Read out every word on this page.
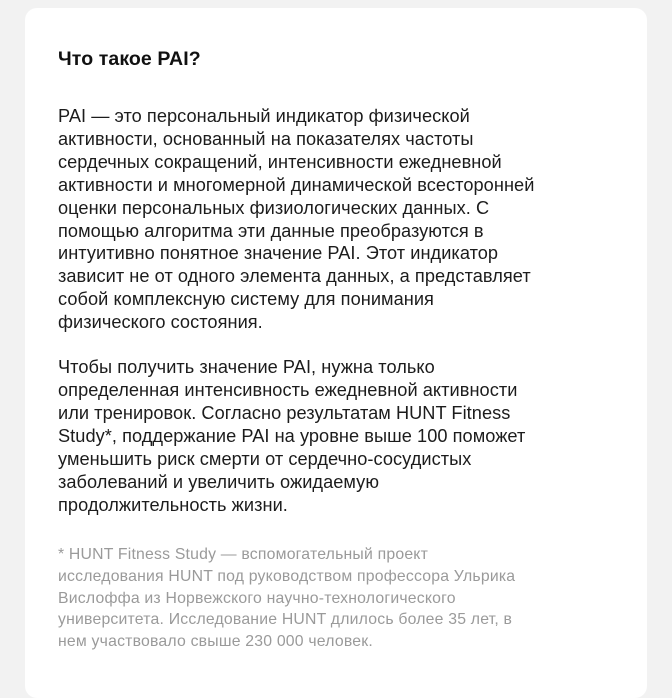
Что такое PAI?

PAI — это персональный индикатор физической
активности, основанный на показателях частоты
сердечных сокращений, интенсивности ежедневной
активности и многомерной динамической всесторонней
оценки персональных физиологических данных. С
помощью алгоритма эти данные преобразуются в
интуитивно понятное значение PAI. Этот индикатор
зависит не от одного элемента данных, а представляет
собой комплексную систему для понимания
физического состояния.

Чтобы получить значение PAI, нужна только
определенная интенсивность ежедневной активности
или тренировок. Согласно результатам HUNT Fitness
Study*, поддержание PAI на уровне выше 100 поможет
уменьшить риск смерти от сердечно-сосудистых
заболеваний и увеличить ожидаемую
продолжительность жизни.

* HUNT Fitness Study — вспомогательный проект
исследования HUNT под руководством профессора Ульрика
Вислоффа из Норвежского научно-технологического
университета. Исследование HUNT длилось более 35 лет, в
нем участвовало свыше 230 000 человек.
